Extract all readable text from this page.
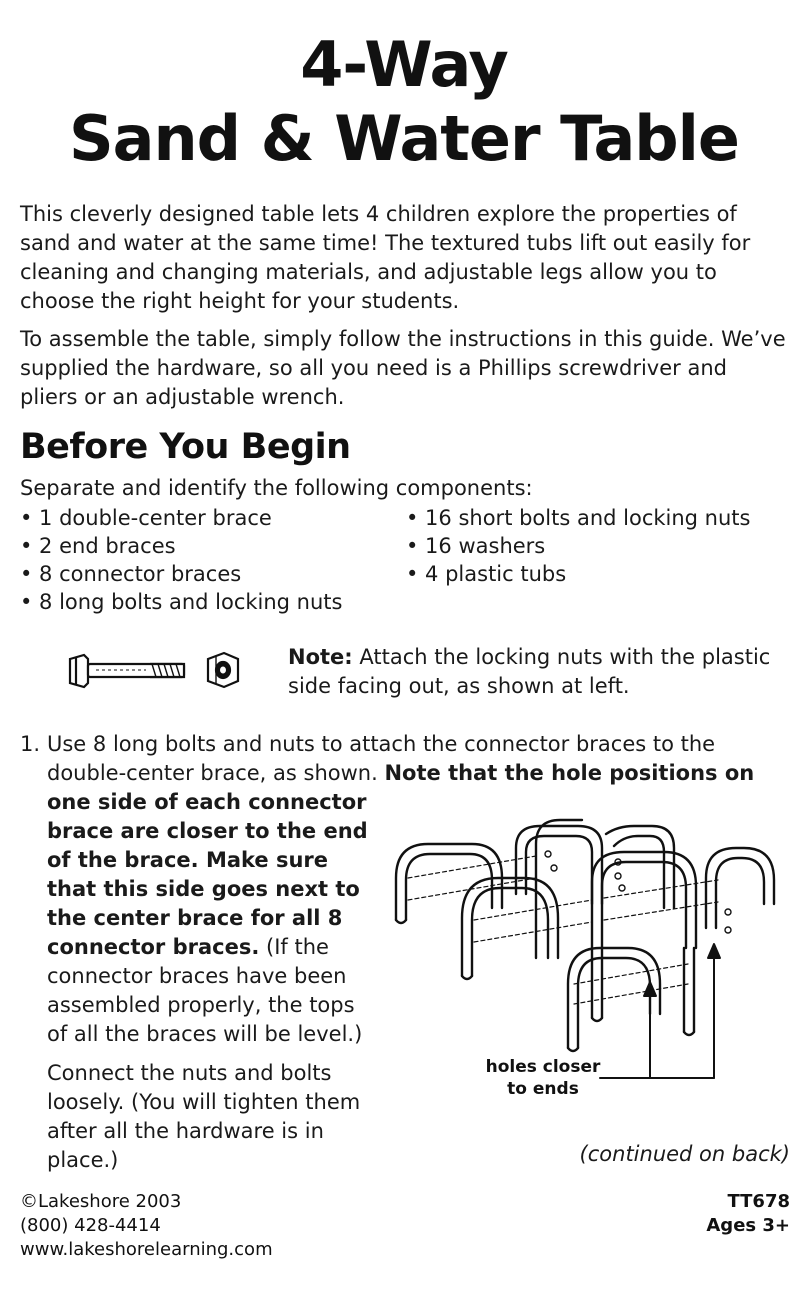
4-Way
Sand & Water Table

This cleverly designed table lets 4 children explore the properties of sand and water at the same time! The textured tubs lift out easily for cleaning and changing materials, and adjustable legs allow you to choose the right height for your students.

To assemble the table, simply follow the instructions in this guide. We’ve supplied the hardware, so all you need is a Phillips screwdriver and pliers or an adjustable wrench.

Before You Begin

Separate and identify the following components:

• 1 double-center brace
• 2 end braces
• 8 connector braces
• 8 long bolts and locking nuts
• 16 short bolts and locking nuts
• 16 washers
• 4 plastic tubs

Note: Attach the locking nuts with the plastic side facing out, as shown at left.

1. Use 8 long bolts and nuts to attach the connector braces to the
double-center brace, as shown. Note that the hole positions on

one side of each connector brace are closer to the end of the brace. Make sure that this side goes next to the center brace for all 8 connector braces. (If the connector braces have been assembled properly, the tops of all the braces will be level.)

Connect the nuts and bolts loosely. (You will tighten them after all the hardware is in place.)

holes closer
to ends

(continued on back)

©Lakeshore 2003
(800) 428-4414
www.lakeshorelearning.com
TT678
Ages 3+
